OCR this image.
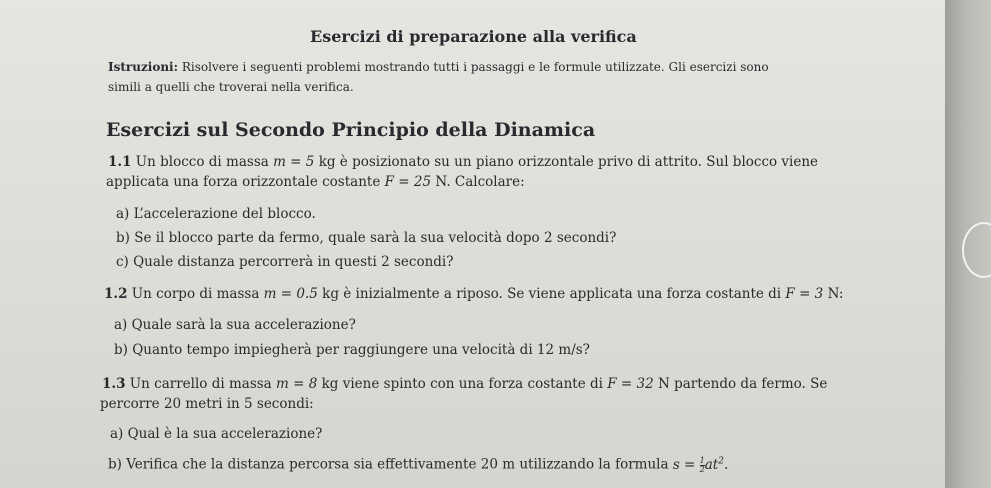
Esercizi di preparazione alla verifica
Istruzioni: Risolvere i seguenti problemi mostrando tutti i passaggi e le formule utilizzate. Gli esercizi sono
simili a quelli che troverai nella verifica.
Esercizi sul Secondo Principio della Dinamica
1.1 Un blocco di massa m = 5 kg è posizionato su un piano orizzontale privo di attrito. Sul blocco viene
applicata una forza orizzontale costante F = 25 N. Calcolare:
a) L’accelerazione del blocco.
b) Se il blocco parte da fermo, quale sarà la sua velocità dopo 2 secondi?
c) Quale distanza percorrerà in questi 2 secondi?
1.2 Un corpo di massa m = 0.5 kg è inizialmente a riposo. Se viene applicata una forza costante di F = 3 N:
a) Quale sarà la sua accelerazione?
b) Quanto tempo impiegherà per raggiungere una velocità di 12 m/s?
1.3 Un carrello di massa m = 8 kg viene spinto con una forza costante di F = 32 N partendo da fermo. Se
percorre 20 metri in 5 secondi:
a) Qual è la sua accelerazione?
b) Verifica che la distanza percorsa sia effettivamente 20 m utilizzando la formula $s = \frac{1}{2} at^2$.
